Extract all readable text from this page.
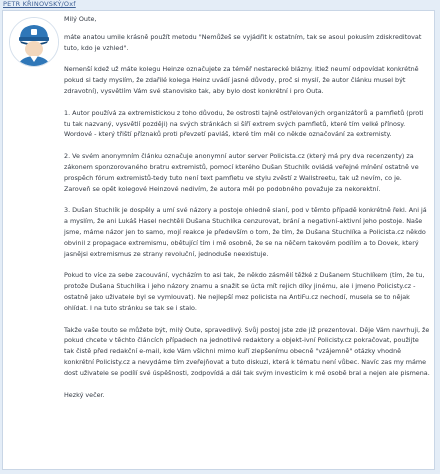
PETR KŘINOVSKÝ/Oxf

Milý Oute,

máte anatou umile krásně použít metodu "Nemůžeš se vyjádřit k ostatním, tak se asoul pokusím zdiskreditovat tuto, kdo je vzhled".

Nemenší kdež už máte kolegu Heinze označujete za téměř nestarecké blázny. Itlež neumí odpovídat konkrétně pokud si tady myslím, že zdařilé kolega Heinz uvádí jasné důvody, proč si myslí, že autor článku musel být zdravotní), vysvětlím Vám své stanovisko tak, aby bylo dost konkrétní i pro Outa.

1. Autor používá za extremistickou z toho důvodu, že ostrosti tajně ostřelovaných organizátorů a pamfletů (proti tu tak nazvaný, vysvětlí později) na svých stránkách si šíří extrem svých pamfletů, které tím velké přínosy. Wordové - který třiští příznaků proti převzetí pavláš, které tím měl co někde označování za extremisty.

2. Ve svém anonymním článku označuje anonymní autor server Policista.cz (který má pry dva recenzenty) za zákonem sponzorovaného bratru extremistů, pomocí kterého Dušan Stuchlík ovládá veřejné mínění ostatně ve prospěch fórum extremistů-tedy tuto není text pamfletu ve stylu zvěstí z Wallstreetu, tak už nevím, co je. Zaroveň se opět kolegové Heinzové nedivím, že autora měl po podobného považuje za nekorektní.

3. Dušan Stuchlík je dospěly a umí své názory a postoje ohledně slaní, pod v těmto případě konkrétně řekl. Ani já a myslím, že ani Lukáš Hasel nechtěli Dušana Stuchlíka cenzurovat, brání a negativní-aktivní jeho postoje. Naše jsme, máme názor jen to samo, mojí reakce je především o tom, že tím, že Dušana Stuchlíka a Policista.cz někdo obvinil z propagace extremismu, obětující tím i mě osobně, že se na něčem takovém podílím a to Dovek, který jasnějsi extremismus ze strany revoluční, jednoduše neexistuje.

Pokud to více za sebe zacouvání, vycházím to asi tak, že někdo zásmělí těžké z Dušanem Stuchlíkem (tím, že tu, protože Dušana Stuchlíka i jeho názory znamu a snažit se úcta mít rejich díky jinému, ale i jmeno Policisty.cz - ostatně jako uživatele byl se vymlouvat). Ne nejlepší mez policista na AntiFu.cz nechodí, musela se to nějak ohlídat. I na tuto stránku se tak se i stalo.

Takže vaše touto se můžete být, milý Oute, spravedlivý. Svůj postoj jste zde již prezentoval. Děje Vám navrhuji, že pokud chcete v těchto článcích případech na jednotlivé redaktory a objekt-ivní Policisty.cz pokračovat, použijte tak čistě před redakční e-mail, kde Vám všichni mimo kuří zlepšenímu obecně "vzájemně" otázky vhodně konkrétní Policisty.cz a nevydáme tím zveřejňovat a tuto diskuzi, která k tématu není vůbec. Navíc zas my máme dost uživatele se podílí své úspěšnosti, zodpovídá a dál tak svým investicím k mé osobě bral a nejen ale pismena.

Hezký večer.
